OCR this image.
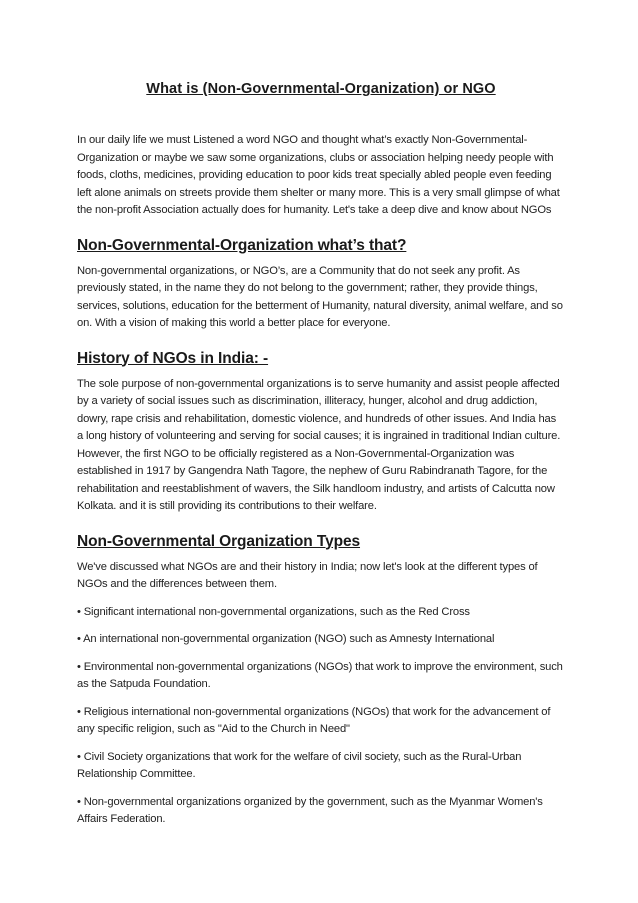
What is (Non-Governmental-Organization) or NGO

In our daily life we must Listened a word NGO and thought what’s exactly Non-Governmental-Organization or maybe we saw some organizations, clubs or association helping needy people with foods, cloths, medicines, providing education to poor kids treat specially abled people even feeding left alone animals on streets provide them shelter or many more. This is a very small glimpse of what the non-profit Association actually does for humanity. Let's take a deep dive and know about NGOs

Non-Governmental-Organization what’s that?

Non-governmental organizations, or NGO’s, are a Community that do not seek any profit. As previously stated, in the name they do not belong to the government; rather, they provide things, services, solutions, education for the betterment of Humanity, natural diversity, animal welfare, and so on. With a vision of making this world a better place for everyone.

History of NGOs in India: -

The sole purpose of non-governmental organizations is to serve humanity and assist people affected by a variety of social issues such as discrimination, illiteracy, hunger, alcohol and drug addiction, dowry, rape crisis and rehabilitation, domestic violence, and hundreds of other issues. And India has a long history of volunteering and serving for social causes; it is ingrained in traditional Indian culture. However, the first NGO to be officially registered as a Non-Governmental-Organization was established in 1917 by Gangendra Nath Tagore, the nephew of Guru Rabindranath Tagore, for the rehabilitation and reestablishment of wavers, the Silk handloom industry, and artists of Calcutta now Kolkata. and it is still providing its contributions to their welfare.

Non-Governmental Organization Types

We've discussed what NGOs are and their history in India; now let's look at the different types of NGOs and the differences between them.

• Significant international non-governmental organizations, such as the Red Cross

• An international non-governmental organization (NGO) such as Amnesty International

• Environmental non-governmental organizations (NGOs) that work to improve the environment, such as the Satpuda Foundation.

• Religious international non-governmental organizations (NGOs) that work for the advancement of any specific religion, such as "Aid to the Church in Need"

• Civil Society organizations that work for the welfare of civil society, such as the Rural-Urban Relationship Committee.

• Non-governmental organizations organized by the government, such as the Myanmar Women's Affairs Federation.
